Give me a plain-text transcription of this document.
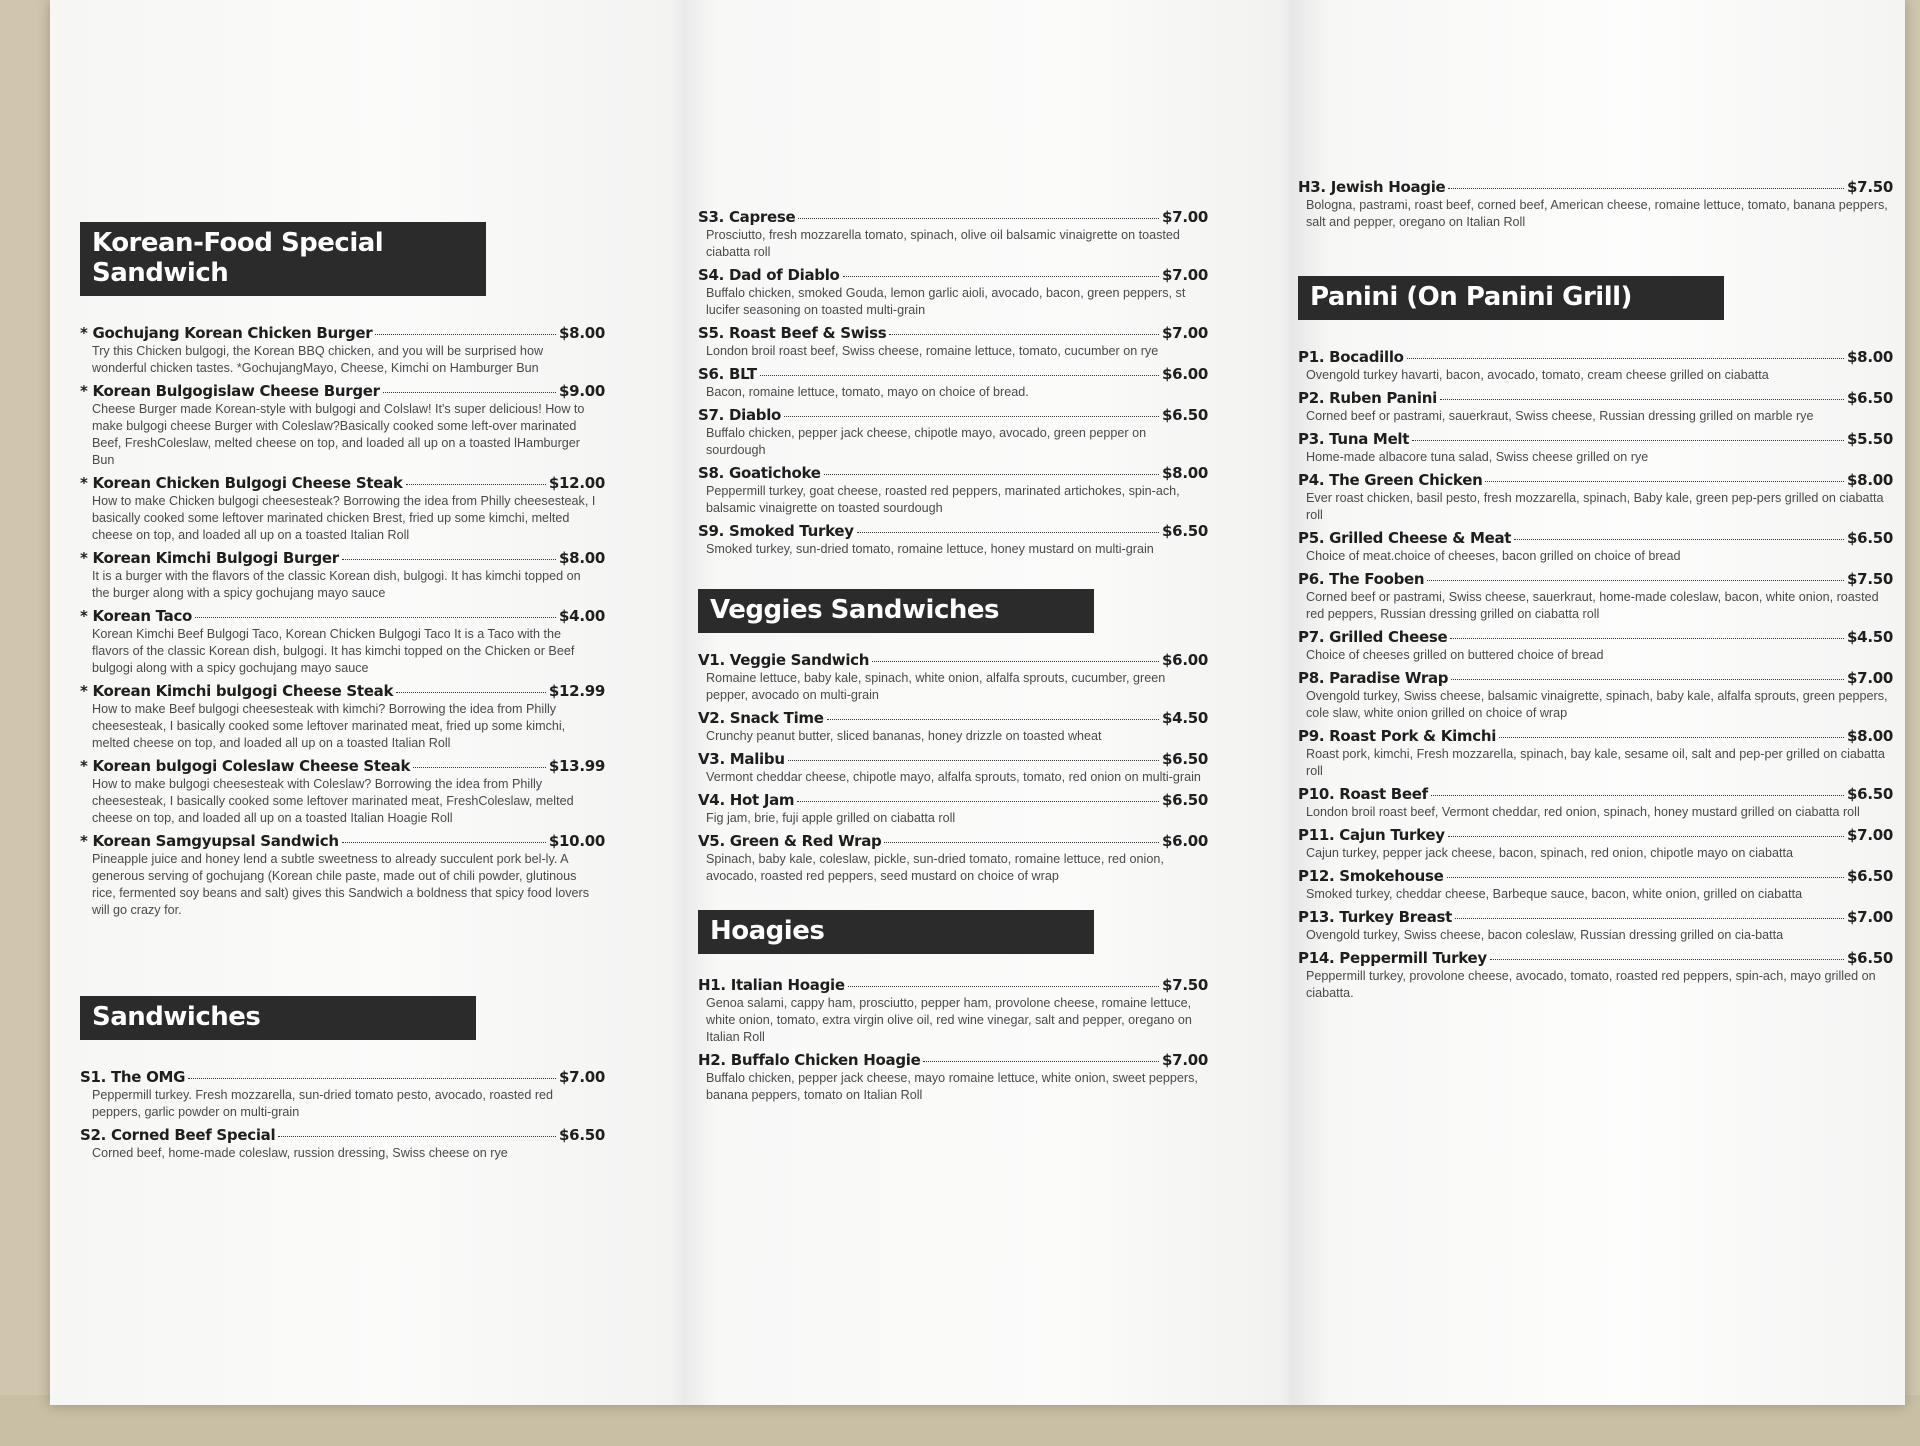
Korean-Food Special Sandwich
* Gochujang Korean Chicken Burger	$8.00
Try this Chicken bulgogi, the Korean BBQ chicken, and you will be surprised how wonderful chicken tastes. *GochujangMayo, Cheese, Kimchi on Hamburger Bun
* Korean Bulgogislaw Cheese Burger	$9.00
Cheese Burger made Korean-style with bulgogi and Colslaw! It's super delicious! How to make bulgogi cheese Burger with Coleslaw?Basically cooked some left-over marinated Beef, FreshColeslaw, melted cheese on top, and loaded all up on a toasted lHamburger Bun
* Korean Chicken Bulgogi Cheese Steak	$12.00
How to make Chicken bulgogi cheesesteak? Borrowing the idea from Philly cheesesteak, I basically cooked some leftover marinated chicken Brest, fried up some kimchi, melted cheese on top, and loaded all up on a toasted Italian Roll
* Korean Kimchi Bulgogi Burger	$8.00
It is a burger with the flavors of the classic Korean dish, bulgogi. It has kimchi topped on the burger along with a spicy gochujang mayo sauce
* Korean Taco	$4.00
Korean Kimchi Beef Bulgogi Taco, Korean Chicken Bulgogi Taco It is a Taco with the flavors of the classic Korean dish, bulgogi. It has kimchi topped on the Chicken or Beef bulgogi along with a spicy gochujang mayo sauce
* Korean Kimchi bulgogi Cheese Steak	$12.99
How to make Beef bulgogi cheesesteak with kimchi? Borrowing the idea from Philly cheesesteak, I basically cooked some leftover marinated meat, fried up some kimchi, melted cheese on top, and loaded all up on a toasted Italian Roll
* Korean bulgogi Coleslaw Cheese Steak	$13.99
How to make bulgogi cheesesteak with Coleslaw? Borrowing the idea from Philly cheesesteak, I basically cooked some leftover marinated meat, FreshColeslaw, melted cheese on top, and loaded all up on a toasted Italian Hoagie Roll
* Korean Samgyupsal Sandwich	$10.00
Pineapple juice and honey lend a subtle sweetness to already succulent pork bel-ly. A generous serving of gochujang (Korean chile paste, made out of chili powder, glutinous rice, fermented soy beans and salt) gives this Sandwich a boldness that spicy food lovers will go crazy for.
Sandwiches
S1. The OMG	$7.00
Peppermill turkey. Fresh mozzarella, sun-dried tomato pesto, avocado, roasted red peppers, garlic powder on multi-grain
S2. Corned Beef Special	$6.50
Corned beef, home-made coleslaw, russion dressing, Swiss cheese on rye
S3. Caprese	$7.00
Prosciutto, fresh mozzarella tomato, spinach, olive oil balsamic vinaigrette on toasted ciabatta roll
S4. Dad of Diablo	$7.00
Buffalo chicken, smoked Gouda, lemon garlic aioli, avocado, bacon, green peppers, st lucifer seasoning on toasted multi-grain
S5. Roast Beef & Swiss	$7.00
London broil roast beef, Swiss cheese, romaine lettuce, tomato, cucumber on rye
S6. BLT	$6.00
Bacon, romaine lettuce, tomato, mayo on choice of bread.
S7. Diablo	$6.50
Buffalo chicken, pepper jack cheese, chipotle mayo, avocado, green pepper on sourdough
S8. Goatichoke	$8.00
Peppermill turkey, goat cheese, roasted red peppers, marinated artichokes, spin-ach, balsamic vinaigrette on toasted sourdough
S9. Smoked Turkey	$6.50
Smoked turkey, sun-dried tomato, romaine lettuce, honey mustard on multi-grain
Veggies Sandwiches
V1. Veggie Sandwich	$6.00
Romaine lettuce, baby kale, spinach, white onion, alfalfa sprouts, cucumber, green pepper, avocado on multi-grain
V2. Snack Time	$4.50
Crunchy peanut butter, sliced bananas, honey drizzle on toasted wheat
V3. Malibu	$6.50
Vermont cheddar cheese, chipotle mayo, alfalfa sprouts, tomato, red onion on multi-grain
V4. Hot Jam	$6.50
Fig jam, brie, fuji apple grilled on ciabatta roll
V5. Green & Red Wrap	$6.00
Spinach, baby kale, coleslaw, pickle, sun-dried tomato, romaine lettuce, red onion, avocado, roasted red peppers, seed mustard on choice of wrap
Hoagies
H1. Italian Hoagie	$7.50
Genoa salami, cappy ham, prosciutto, pepper ham, provolone cheese, romaine lettuce, white onion, tomato, extra virgin olive oil, red wine vinegar, salt and pepper, oregano on Italian Roll
H2. Buffalo Chicken Hoagie	$7.00
Buffalo chicken, pepper jack cheese, mayo romaine lettuce, white onion, sweet peppers, banana peppers, tomato on Italian Roll
H3. Jewish Hoagie	$7.50
Bologna, pastrami, roast beef, corned beef, American cheese, romaine lettuce, tomato, banana peppers, salt and pepper, oregano on Italian Roll
Panini (On Panini Grill)
P1. Bocadillo	$8.00
Ovengold turkey havarti, bacon, avocado, tomato, cream cheese grilled on ciabatta
P2. Ruben Panini	$6.50
Corned beef or pastrami, sauerkraut, Swiss cheese, Russian dressing grilled on marble rye
P3. Tuna Melt	$5.50
Home-made albacore tuna salad, Swiss cheese grilled on rye
P4. The Green Chicken	$8.00
Ever roast chicken, basil pesto, fresh mozzarella, spinach, Baby kale, green pep-pers grilled on ciabatta roll
P5. Grilled Cheese & Meat	$6.50
Choice of meat.choice of cheeses, bacon grilled on choice of bread
P6. The Fooben	$7.50
Corned beef or pastrami, Swiss cheese, sauerkraut, home-made coleslaw, bacon, white onion, roasted red peppers, Russian dressing grilled on ciabatta roll
P7. Grilled Cheese	$4.50
Choice of cheeses grilled on buttered choice of bread
P8. Paradise Wrap	$7.00
Ovengold turkey, Swiss cheese, balsamic vinaigrette, spinach, baby kale, alfalfa sprouts, green peppers, cole slaw, white onion grilled on choice of wrap
P9. Roast Pork & Kimchi	$8.00
Roast pork, kimchi, Fresh mozzarella, spinach, bay kale, sesame oil, salt and pep-per grilled on ciabatta roll
P10. Roast Beef	$6.50
London broil roast beef, Vermont cheddar, red onion, spinach, honey mustard grilled on ciabatta roll
P11. Cajun Turkey	$7.00
Cajun turkey, pepper jack cheese, bacon, spinach, red onion, chipotle mayo on ciabatta
P12. Smokehouse	$6.50
Smoked turkey, cheddar cheese, Barbeque sauce, bacon, white onion, grilled on ciabatta
P13. Turkey Breast	$7.00
Ovengold turkey, Swiss cheese, bacon coleslaw, Russian dressing grilled on cia-batta
P14. Peppermill Turkey	$6.50
Peppermill turkey, provolone cheese, avocado, tomato, roasted red peppers, spin-ach, mayo grilled on ciabatta.
